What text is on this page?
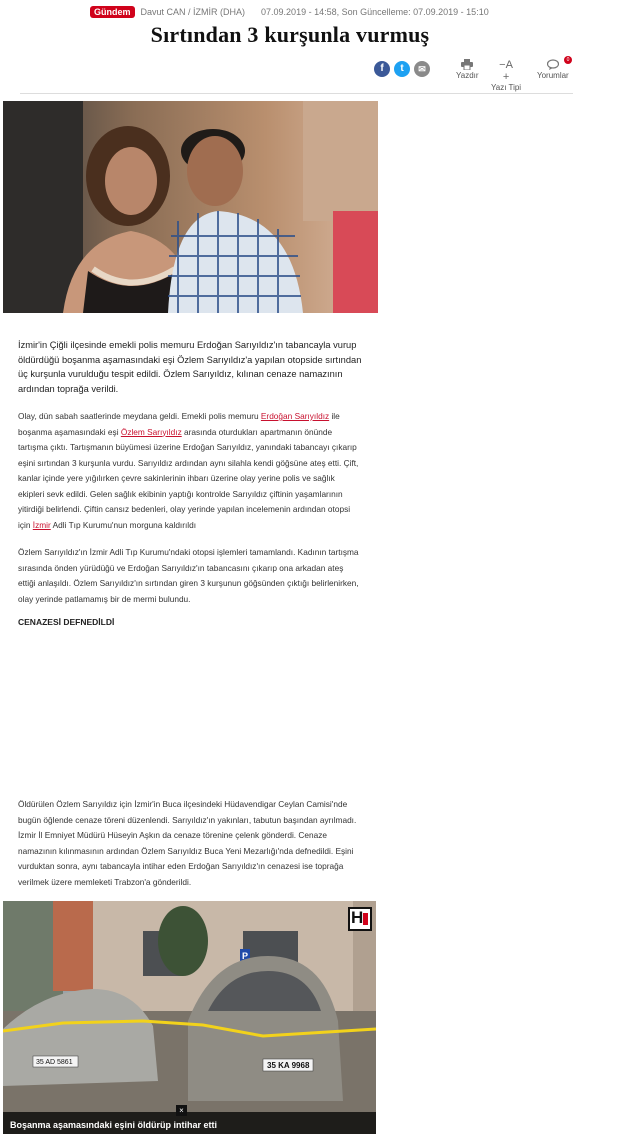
Gündem	Davut CAN / İZMİR (DHA) 07.09.2019 - 14:58, Son Güncelleme: 07.09.2019 - 15:10
Sırtından 3 kurşunla vurmuş
f	t	✉
Yazdır
−A
+
Yazı Tipi
0
Yorumlar

İzmir'in Çiğli ilçesinde emekli polis memuru Erdoğan Sarıyıldız'ın tabancayla vurup öldürdüğü boşanma aşamasındaki eşi Özlem Sarıyıldız'a yapılan otopside sırtından üç kurşunla vurulduğu tespit edildi. Özlem Sarıyıldız, kılınan cenaze namazının ardından toprağa verildi.

Olay, dün sabah saatlerinde meydana geldi. Emekli polis memuru Erdoğan Sarıyıldız ile boşanma aşamasındaki eşi Özlem Sarıyıldız arasında oturdukları apartmanın önünde tartışma çıktı. Tartışmanın büyümesi üzerine Erdoğan Sarıyıldız, yanındaki tabancayı çıkarıp eşini sırtından 3 kurşunla vurdu. Sarıyıldız ardından aynı silahla kendi göğsüne ateş etti. Çift, kanlar içinde yere yığılırken çevre sakinlerinin ihbarı üzerine olay yerine polis ve sağlık ekipleri sevk edildi. Gelen sağlık ekibinin yaptığı kontrolde Sarıyıldız çiftinin yaşamlarının yitirdiği belirlendi. Çiftin cansız bedenleri, olay yerinde yapılan incelemenin ardından otopsi için İzmir Adli Tıp Kurumu'nun morguna kaldırıldı

Özlem Sarıyıldız'ın İzmir Adli Tıp Kurumu'ndaki otopsi işlemleri tamamlandı. Kadının tartışma sırasında önden yürüdüğü ve Erdoğan Sarıyıldız'ın tabancasını çıkarıp ona arkadan ateş ettiği anlaşıldı. Özlem Sarıyıldız'ın sırtından giren 3 kurşunun göğsünden çıktığı belirlenirken, olay yerinde patlamamış bir de mermi bulundu.

CENAZESİ DEFNEDİLDİ

Öldürülen Özlem Sarıyıldız için İzmir'in Buca ilçesindeki Hüdavendigar Ceylan Camisi'nde bugün öğlende cenaze töreni düzenlendi. Sarıyıldız'ın yakınları, tabutun başından ayrılmadı. İzmir İl Emniyet Müdürü Hüseyin Aşkın da cenaze törenine çelenk gönderdi. Cenaze namazının kılınmasının ardından Özlem Sarıyıldız Buca Yeni Mezarlığı'nda defnedildi. Eşini vurduktan sonra, aynı tabancayla intihar eden Erdoğan Sarıyıldız'ın cenazesi ise toprağa verilmek üzere memleketi Trabzon'a gönderildi.

P
35 KA 9968
35 AD 5861
H
×
Boşanma aşamasındaki eşini öldürüp intihar etti
